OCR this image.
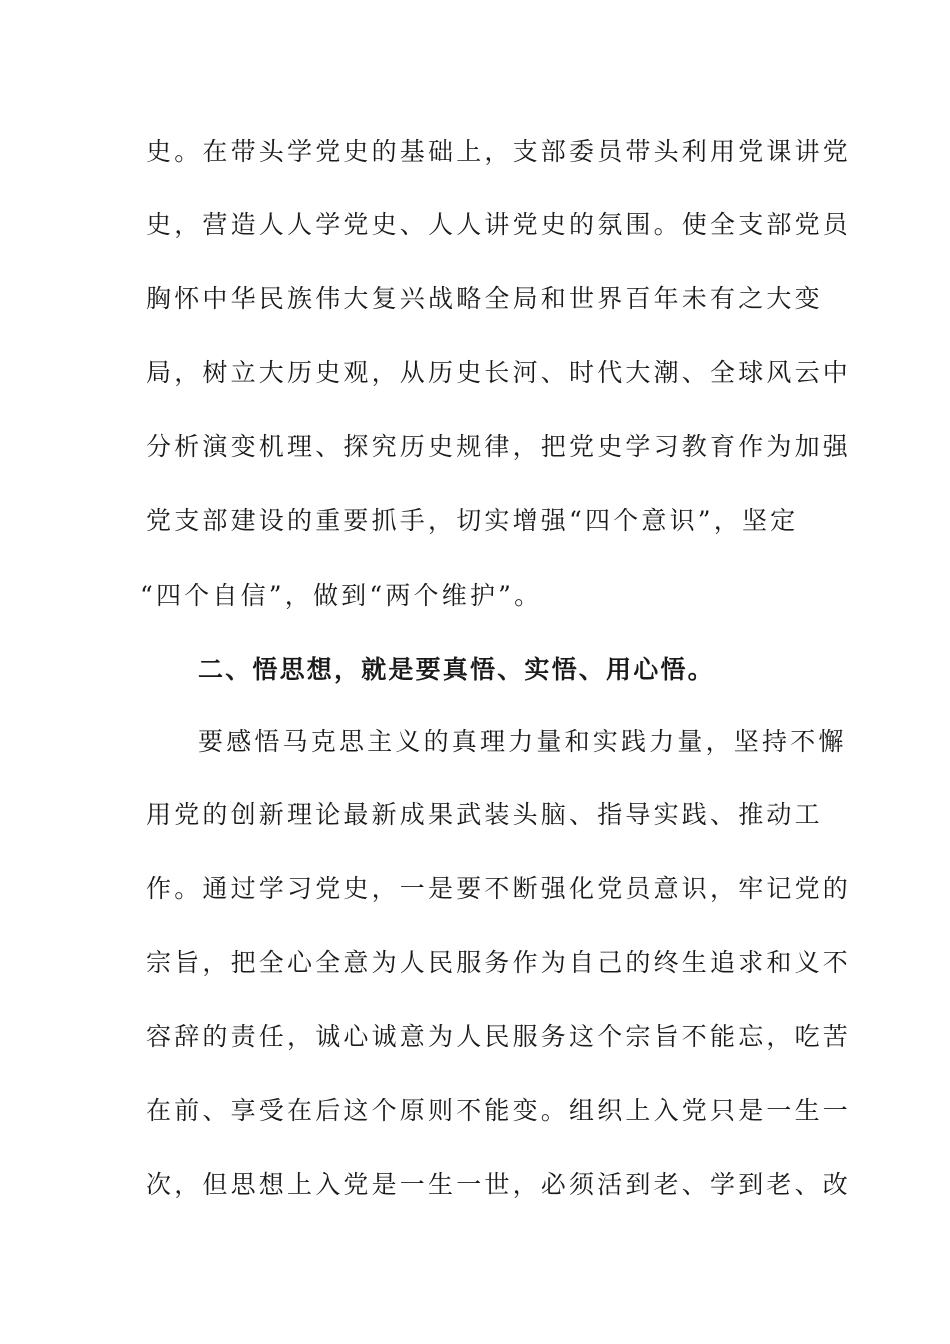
史。在带头学党史的基础上，支部委员带头利用党课讲党
史，营造人人学党史、人人讲党史的氛围。使全支部党员
胸怀中华民族伟大复兴战略全局和世界百年未有之大变
局，树立大历史观，从历史长河、时代大潮、全球风云中
分析演变机理、探究历史规律，把党史学习教育作为加强
党支部建设的重要抓手，切实增强“四个意识”，坚定
“四个自信”，做到“两个维护”。
二、悟思想，就是要真悟、实悟、用心悟。
要感悟马克思主义的真理力量和实践力量，坚持不懈
用党的创新理论最新成果武装头脑、指导实践、推动工
作。通过学习党史，一是要不断强化党员意识，牢记党的
宗旨，把全心全意为人民服务作为自己的终生追求和义不
容辞的责任，诚心诚意为人民服务这个宗旨不能忘，吃苦
在前、享受在后这个原则不能变。组织上入党只是一生一
次，但思想上入党是一生一世，必须活到老、学到老、改
